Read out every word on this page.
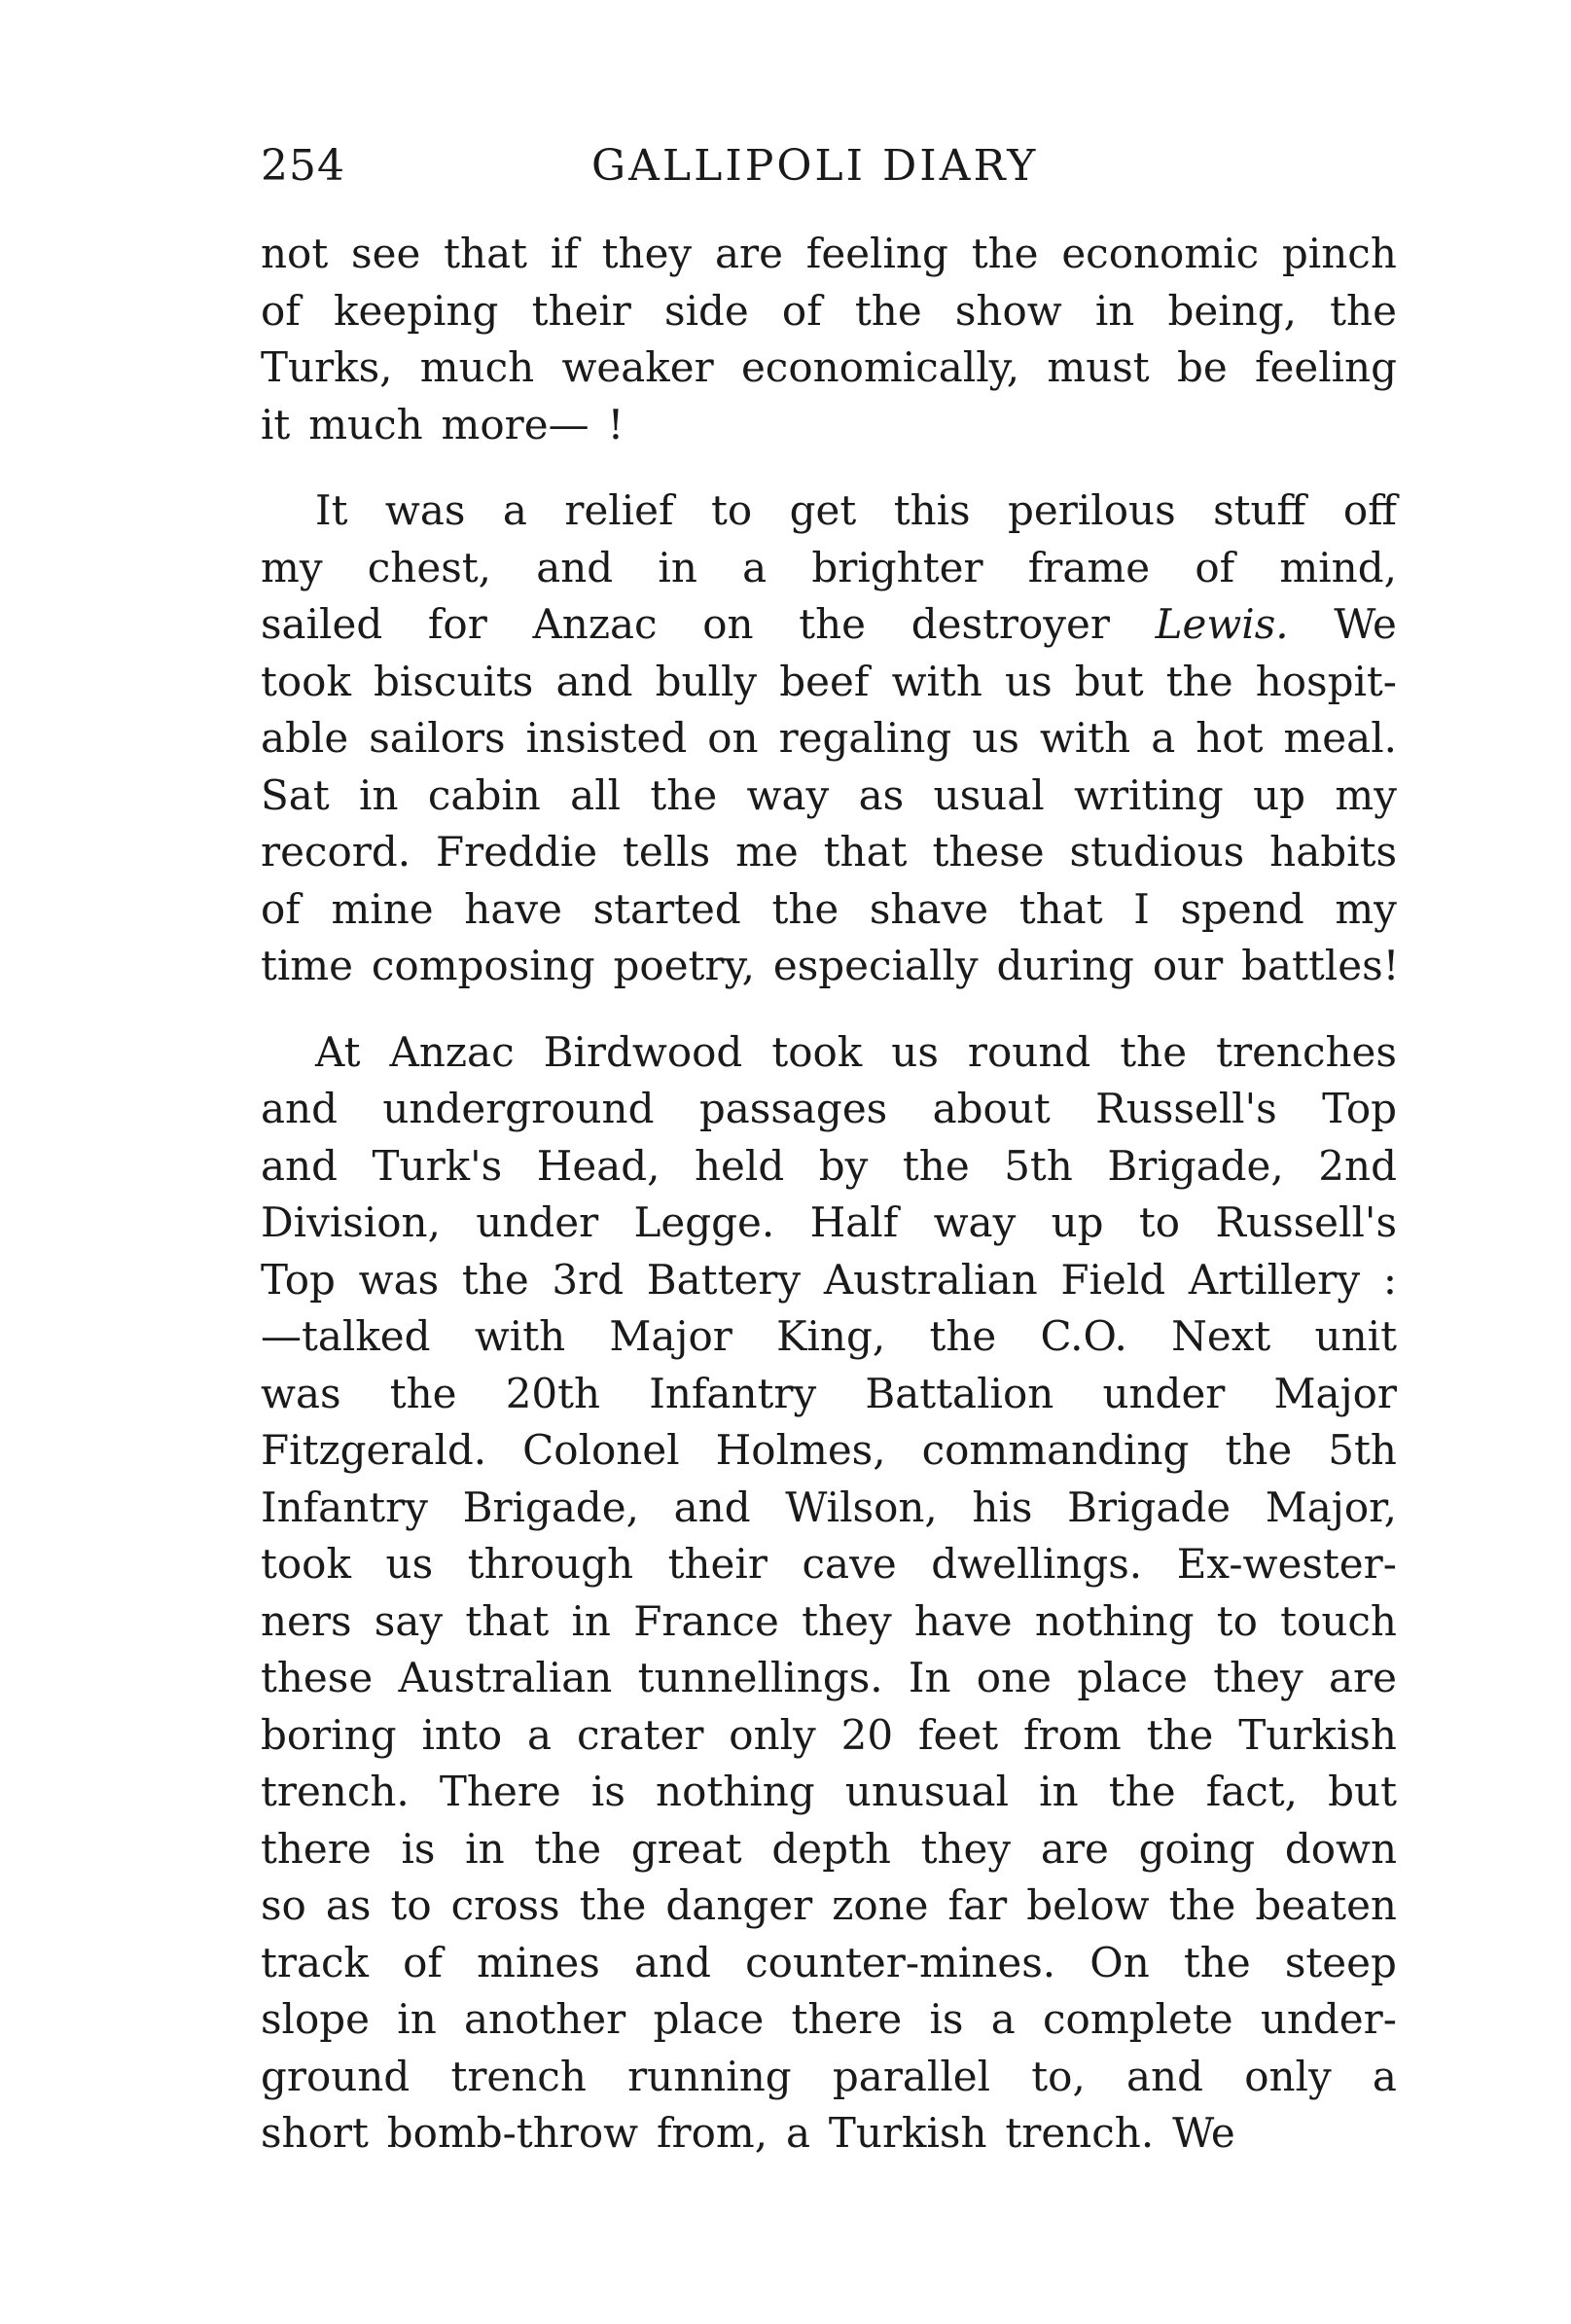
254	GALLIPOLI DIARY
not see that if they are feeling the economic pinch
of keeping their side of the show in being, the
Turks, much weaker economically, must be feeling
it much more— !
It was a relief to get this perilous stuff off
my chest, and in a brighter frame of mind,
sailed for Anzac on the destroyer Lewis. We
took biscuits and bully beef with us but the hospit-
able sailors insisted on regaling us with a hot meal.
Sat in cabin all the way as usual writing up my
record. Freddie tells me that these studious habits
of mine have started the shave that I spend my
time composing poetry, especially during our battles!
At Anzac Birdwood took us round the trenches
and underground passages about Russell's Top
and Turk's Head, held by the 5th Brigade, 2nd
Division, under Legge. Half way up to Russell's
Top was the 3rd Battery Australian Field Artillery :
—talked with Major King, the C.O. Next unit
was the 20th Infantry Battalion under Major
Fitzgerald. Colonel Holmes, commanding the 5th
Infantry Brigade, and Wilson, his Brigade Major,
took us through their cave dwellings. Ex-wester-
ners say that in France they have nothing to touch
these Australian tunnellings. In one place they are
boring into a crater only 20 feet from the Turkish
trench. There is nothing unusual in the fact, but
there is in the great depth they are going down
so as to cross the danger zone far below the beaten
track of mines and counter-mines. On the steep
slope in another place there is a complete under-
ground trench running parallel to, and only a
short bomb-throw from, a Turkish trench. We
